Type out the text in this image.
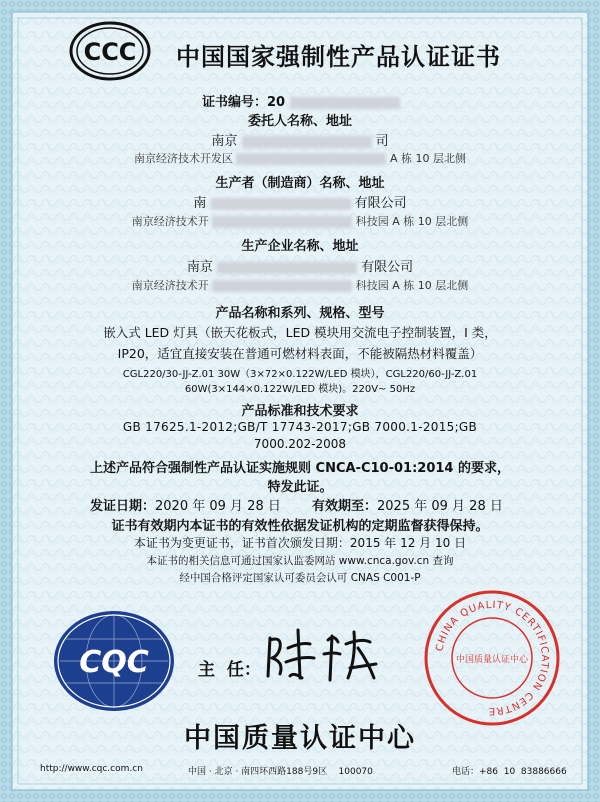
CCC 中国国家强制性产品认证证书
证书编号：20
委托人名称、地址
南京	司
南京经济技术开发区	A 栋 10 层北侧
生产者（制造商）名称、地址
南	有限公司
南京经济技术开	科技园 A 栋 10 层北侧
生产企业名称、地址
南京	有限公司
南京经济技术开	科技园 A 栋 10 层北侧
产品名称和系列、规格、型号
嵌入式 LED 灯具（嵌天花板式，LED 模块用交流电子控制装置，I 类，
IP20，适宜直接安装在普通可燃材料表面，不能被隔热材料覆盖）
CGL220/30-JJ-Z.01 30W（3×72×0.122W/LED 模块），CGL220/60-JJ-Z.01
60W(3×144×0.122W/LED 模块)。220V~ 50Hz
产品标准和技术要求
GB 17625.1-2012;GB/T 17743-2017;GB 7000.1-2015;GB
7000.202-2008
上述产品符合强制性产品认证实施规则 CNCA-C10-01:2014 的要求，
特发此证。
发证日期：2020 年 09 月 28 日 有效期至：2025 年 09 月 28 日
证书有效期内本证书的有效性依据发证机构的定期监督获得保持。
本证书为变更证书，证书首次颁发日期：2015 年 12 月 10 日
本证书的相关信息可通过国家认监委网站 www.cnca.gov.cn 查询
经中国合格评定国家认可委员会认可 CNAS C001-P
CQC	主  任：
CHINA QUALITY CERTIFICATION CENTRE
中国质量认证中心
中国质量认证中心
http://www.cqc.com.cn	中国 · 北京 · 南四环西路188号9区    100070	电话：+86  10  83886666
